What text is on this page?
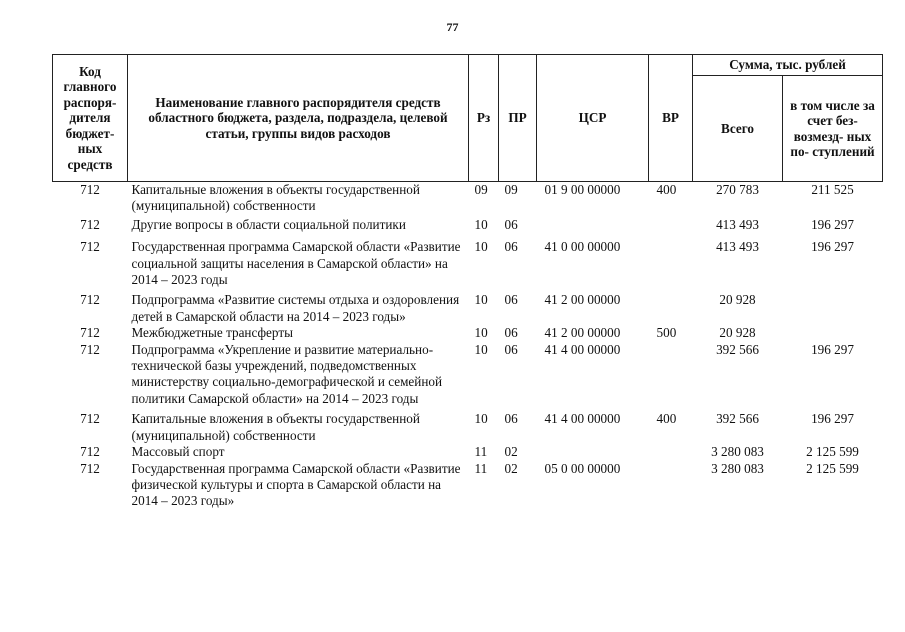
77
Код главного распоря- дителя бюджет- ных средств	Наименование главного распорядителя средств областного бюджета, раздела, подраздела, целевой статьи, группы видов расходов	Рз	ПР	ЦСР	ВР	Сумма, тыс. рублей	
						Всего	в том числе за счет без- возмезд- ных по- ступлений
712	Капитальные вложения в объекты государственной (муниципальной) собственности	09	09	01 9 00 00000	400	270 783	211 525
712	Другие вопросы в области социальной политики	10	06			413 493	196 297
712	Государственная программа Самарской области «Развитие социальной защиты населения в Самарской области» на 2014 – 2023 годы	10	06	41 0 00 00000		413 493	196 297
712	Подпрограмма «Развитие системы отдыха и оздоровления детей в Самарской области на 2014 – 2023 годы»	10	06	41 2 00 00000		20 928	
712	Межбюджетные трансферты	10	06	41 2 00 00000	500	20 928	
712	Подпрограмма «Укрепление и развитие материально-технической базы учреждений, подведомственных министерству социально-демографической и семейной политики Самарской области» на 2014 – 2023 годы	10	06	41 4 00 00000		392 566	196 297
712	Капитальные вложения в объекты государственной (муниципальной) собственности	10	06	41 4 00 00000	400	392 566	196 297
712	Массовый спорт	11	02			3 280 083	2 125 599
712	Государственная программа Самарской области «Развитие физической культуры и спорта в Самарской области на 2014 – 2023 годы»	11	02	05 0 00 00000		3 280 083	2 125 599
